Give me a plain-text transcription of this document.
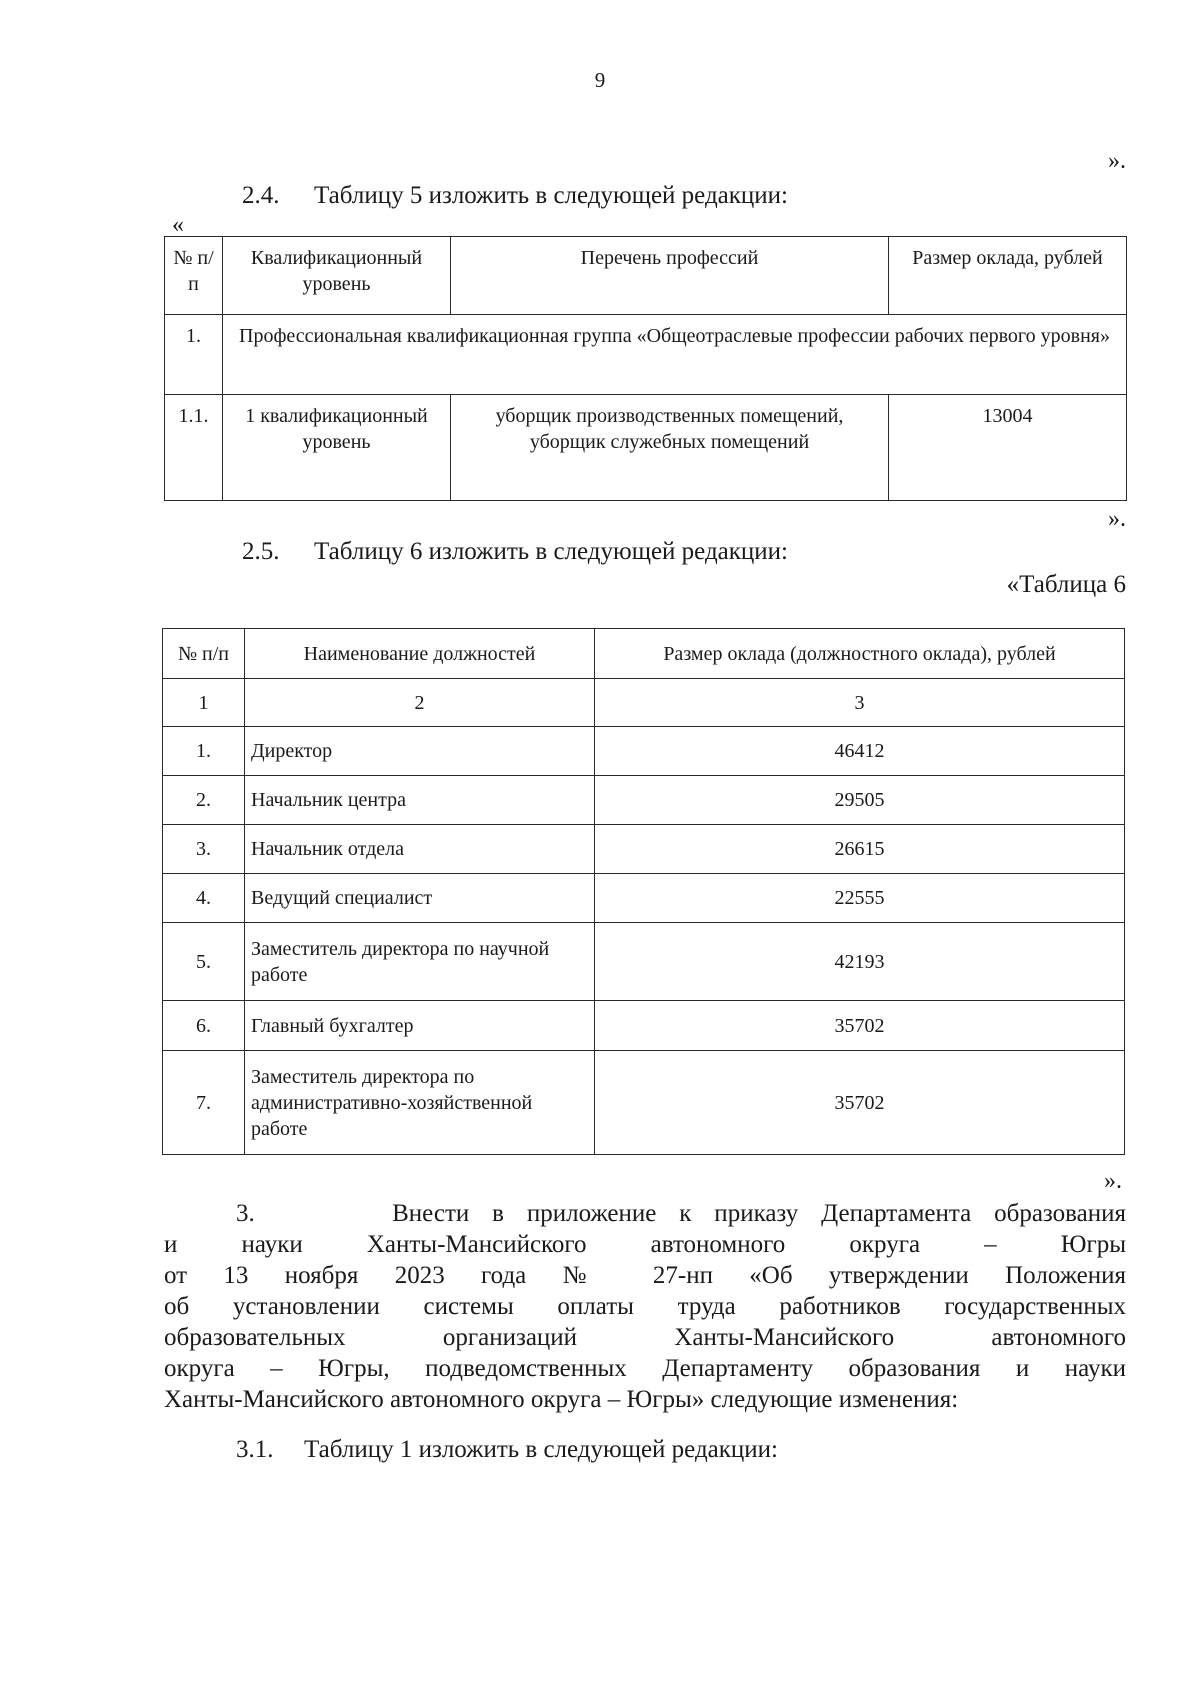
9
».
2.4. Таблицу 5 изложить в следующей редакции:
«
№ п/п	Квалификационный уровень	Перечень профессий	Размер оклада, рублей
1.	Профессиональная квалификационная группа «Общеотраслевые профессии рабочих первого уровня»		
1.1.	1 квалификационный уровень	уборщик производственных помещений, уборщик служебных помещений	13004
».
2.5. Таблицу 6 изложить в следующей редакции:
«Таблица 6
№ п/п	Наименование должностей	Размер оклада (должностного оклада), рублей
1	2	3
1.	Директор	46412
2.	Начальник центра	29505
3.	Начальник отдела	26615
4.	Ведущий специалист	22555
5.	Заместитель директора по научной работе	42193
6.	Главный бухгалтер	35702
7.	Заместитель директора по административно-хозяйственной работе	35702
».
3.	Внести в приложение к приказу Департамента образования
и науки Ханты-Мансийского автономного округа – Югры
от 13 ноября 2023 года № 27-нп «Об утверждении Положения
об установлении системы оплаты труда работников государственных
образовательных организаций Ханты-Мансийского автономного
округа – Югры, подведомственных Департаменту образования и науки
Ханты-Мансийского автономного округа – Югры» следующие изменения:
3.1. Таблицу 1 изложить в следующей редакции:
